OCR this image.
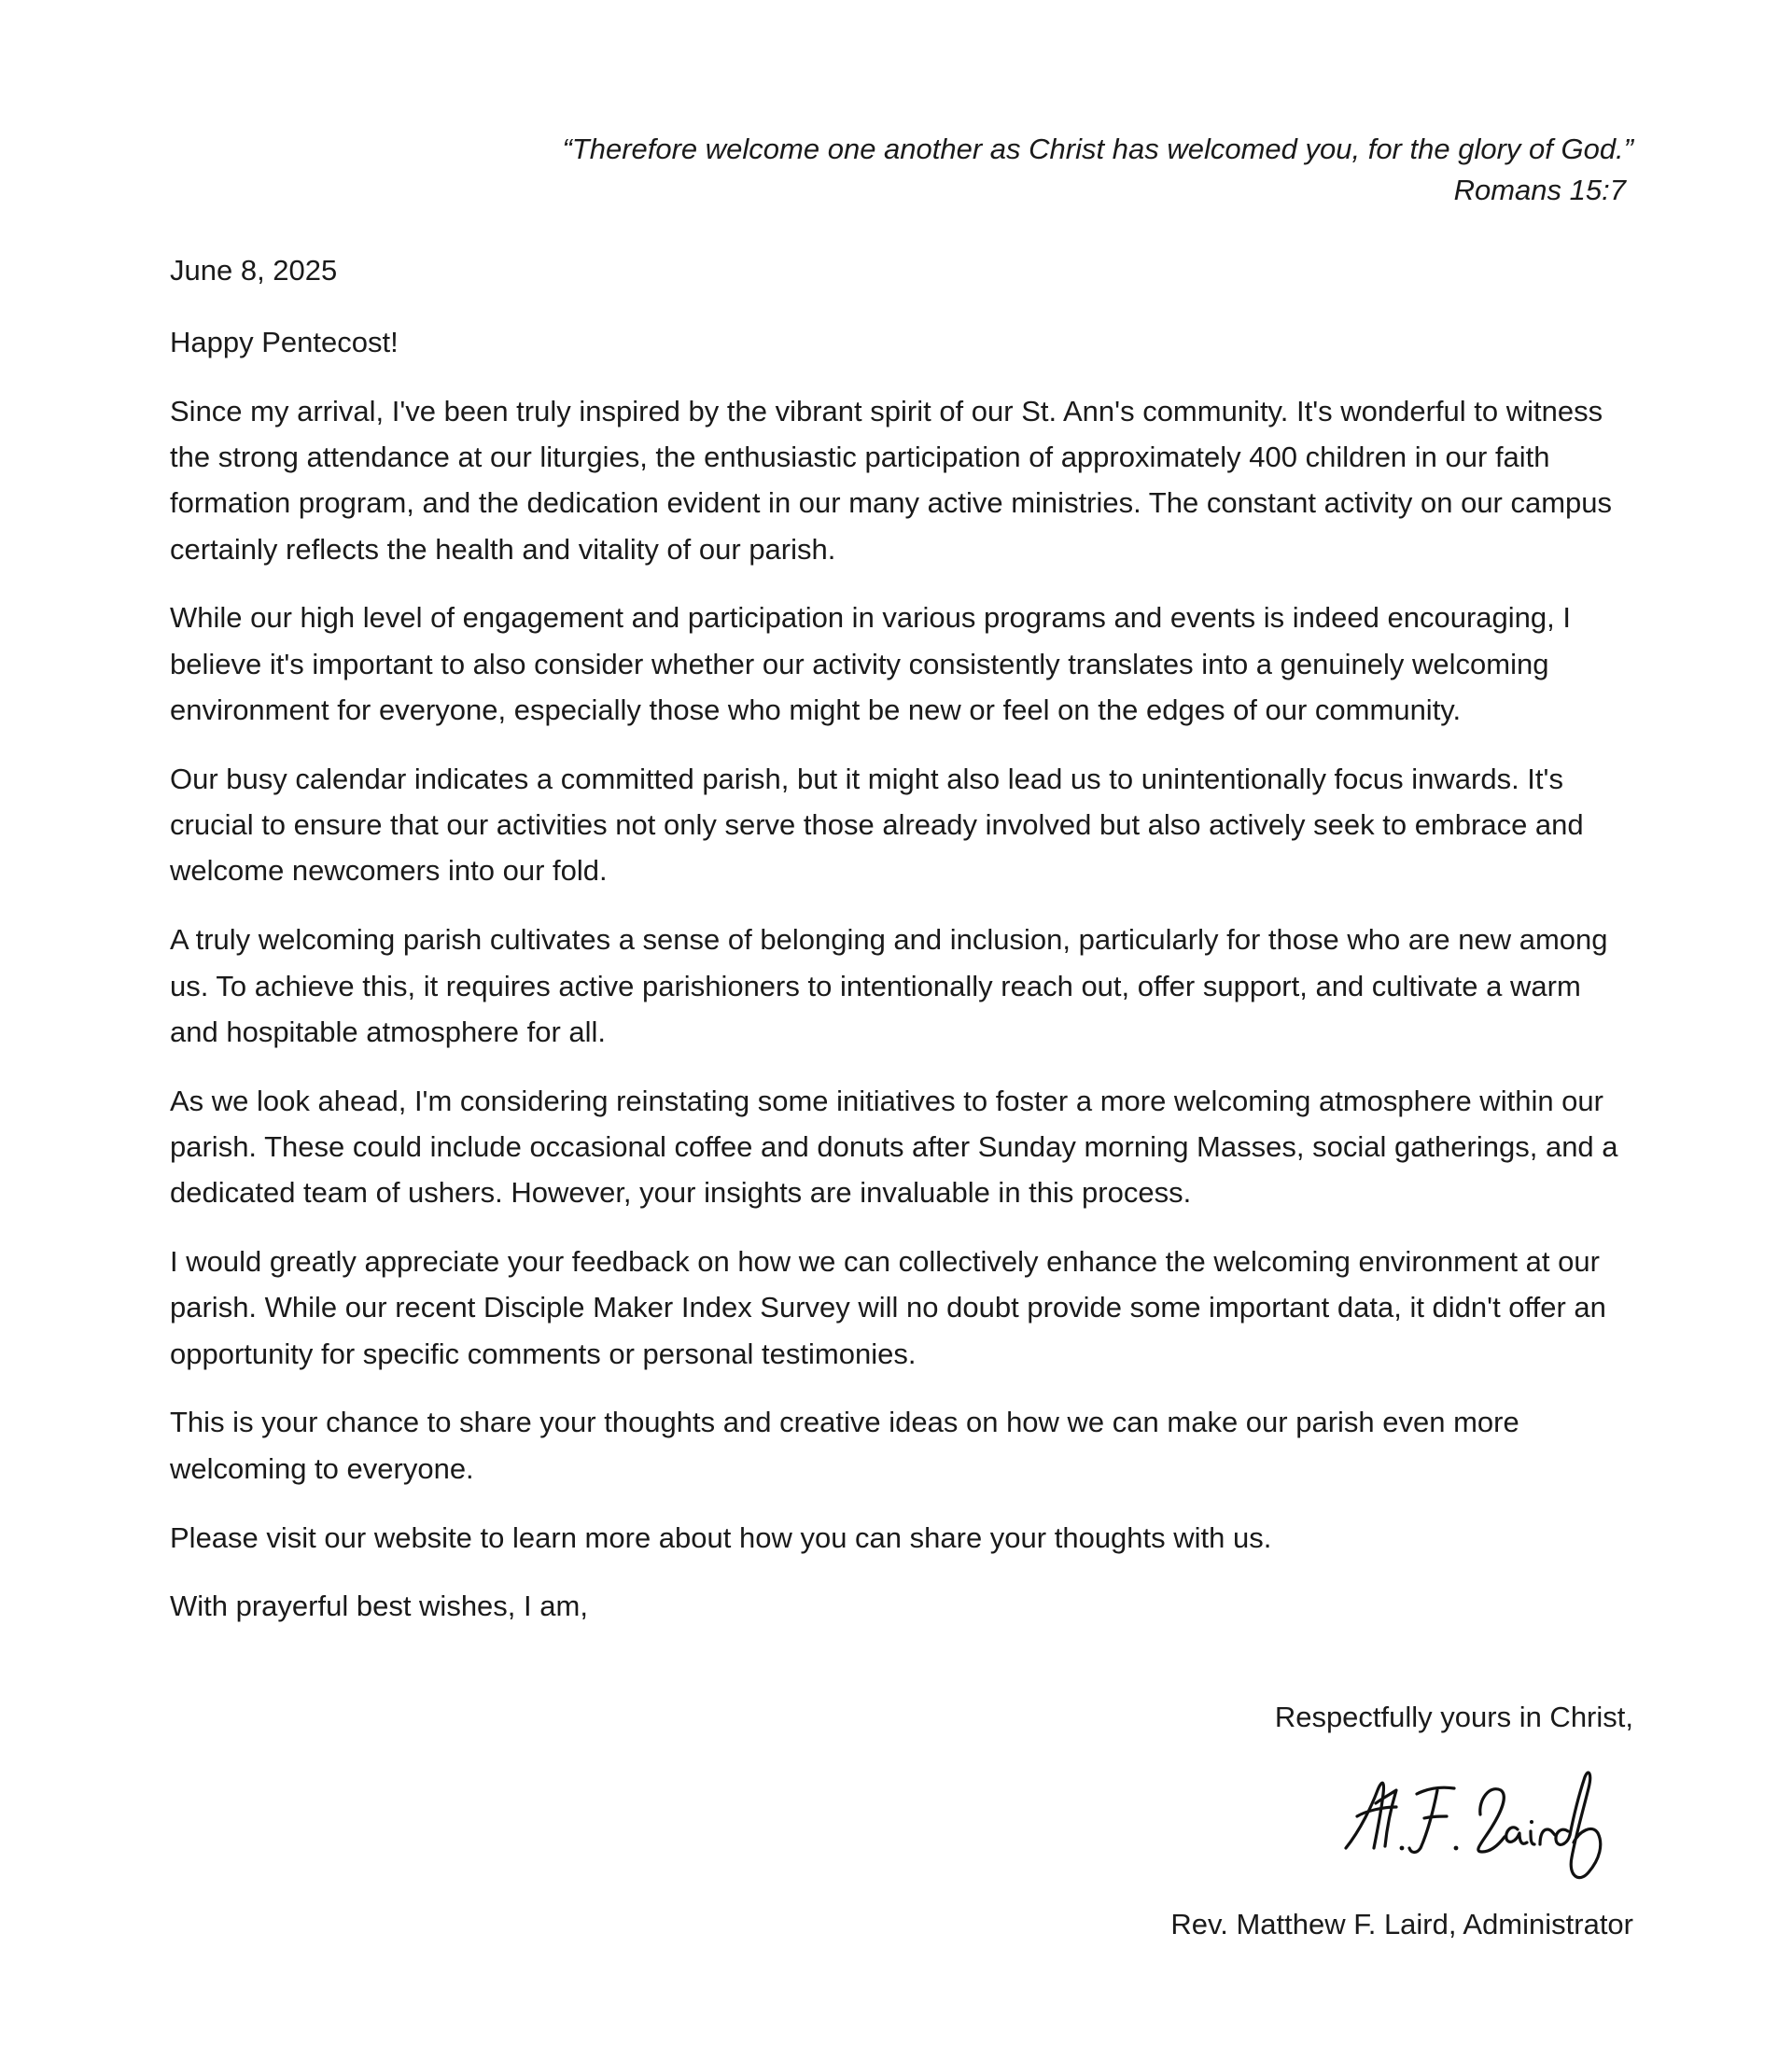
“Therefore welcome one another as Christ has welcomed you, for the glory of God.”
Romans 15:7
June 8, 2025

Happy Pentecost!

Since my arrival, I've been truly inspired by the vibrant spirit of our St. Ann's community. It's wonderful to witness the strong attendance at our liturgies, the enthusiastic participation of approximately 400 children in our faith formation program, and the dedication evident in our many active ministries. The constant activity on our campus certainly reflects the health and vitality of our parish.

While our high level of engagement and participation in various programs and events is indeed encouraging, I believe it's important to also consider whether our activity consistently translates into a genuinely welcoming environment for everyone, especially those who might be new or feel on the edges of our community.

Our busy calendar indicates a committed parish, but it might also lead us to unintentionally focus inwards. It's crucial to ensure that our activities not only serve those already involved but also actively seek to embrace and welcome newcomers into our fold.

A truly welcoming parish cultivates a sense of belonging and inclusion, particularly for those who are new among us. To achieve this, it requires active parishioners to intentionally reach out, offer support, and cultivate a warm and hospitable atmosphere for all.

As we look ahead, I'm considering reinstating some initiatives to foster a more welcoming atmosphere within our parish. These could include occasional coffee and donuts after Sunday morning Masses, social gatherings, and a dedicated team of ushers. However, your insights are invaluable in this process.

I would greatly appreciate your feedback on how we can collectively enhance the welcoming environment at our parish. While our recent Disciple Maker Index Survey will no doubt provide some important data, it didn't offer an opportunity for specific comments or personal testimonies.

This is your chance to share your thoughts and creative ideas on how we can make our parish even more welcoming to everyone.

Please visit our website to learn more about how you can share your thoughts with us.

With prayerful best wishes, I am,

Respectfully yours in Christ,
Rev. Matthew F. Laird, Administrator
